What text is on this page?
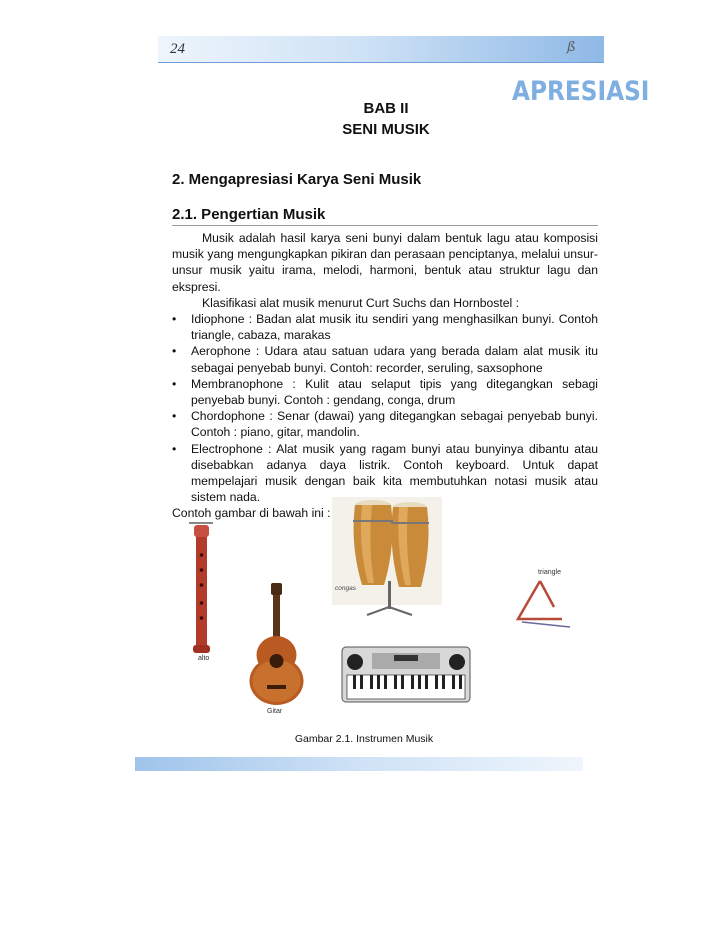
24	ß
APRESIASI
BAB II
SENI MUSIK
2. Mengapresiasi Karya Seni Musik
2.1. Pengertian Musik

Musik adalah hasil karya seni bunyi dalam bentuk lagu atau komposisi musik yang mengungkapkan pikiran dan perasaan penciptanya, melalui unsur-unsur musik yaitu irama, melodi, harmoni, bentuk atau struktur lagu dan ekspresi.

Klasifikasi alat musik menurut Curt Suchs dan Hornbostel :

• Idiophone : Badan alat musik itu sendiri yang menghasilkan bunyi. Contoh triangle, cabaza, marakas
• Aerophone : Udara atau satuan udara yang berada dalam alat musik itu sebagai penyebab bunyi. Contoh: recorder, seruling, saxsophone
• Membranophone : Kulit atau selaput tipis yang ditegangkan sebagi penyebab bunyi. Contoh : gendang, conga, drum
• Chordophone : Senar (dawai) yang ditegangkan sebagai penyebab bunyi. Contoh : piano, gitar, mandolin.
• Electrophone : Alat musik yang ragam bunyi atau bunyinya dibantu atau disebabkan adanya daya listrik. Contoh keyboard. Untuk dapat mempelajari musik dengan baik kita membutuhkan notasi musik atau sistem nada.

Contoh gambar di bawah ini :

alto
Gitar
congas
triangle
Gambar 2.1. Instrumen Musik
